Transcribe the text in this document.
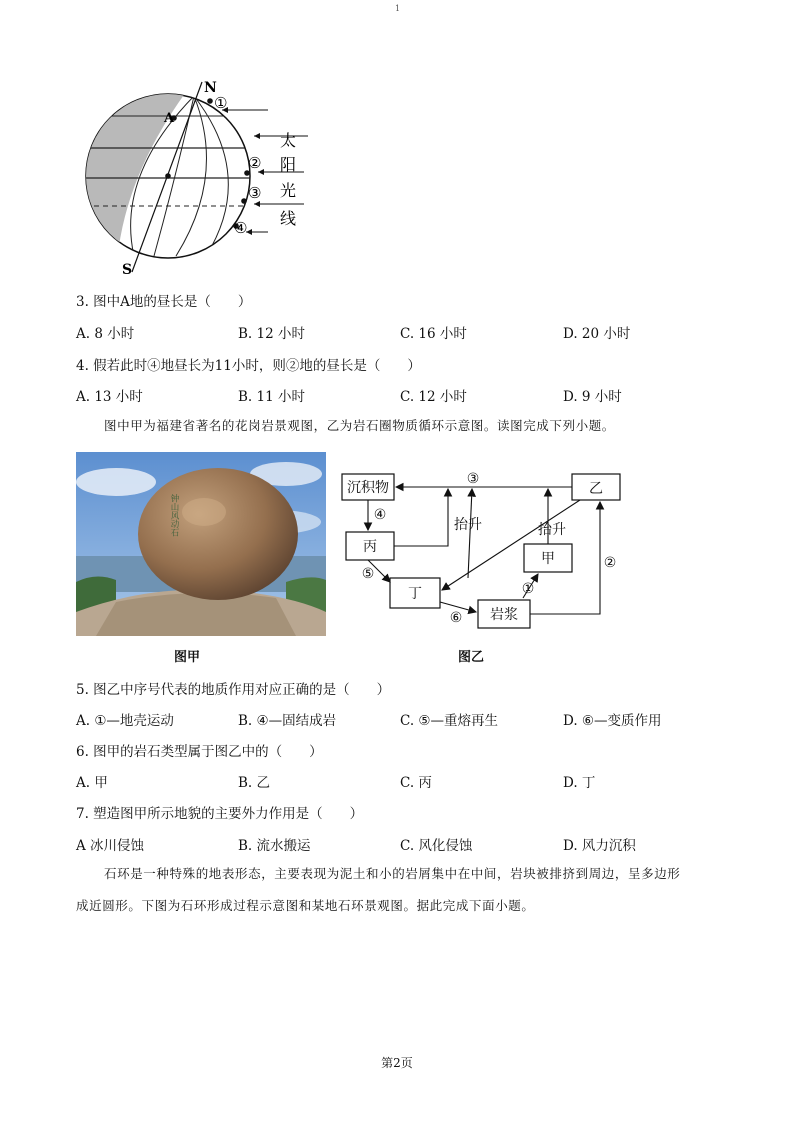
1
N
①
A
②
③
④
S
太
阳
光
线
3. 图中A地的昼长是（　　）
A. 8 小时	B. 12 小时	C. 16 小时	D. 20 小时
4. 假若此时④地昼长为11小时，则②地的昼长是（　　）
A. 13 小时	B. 11 小时	C. 12 小时	D. 9 小时
图中甲为福建省著名的花岗岩景观图，乙为岩石圈物质循环示意图。读图完成下列小题。
钟山风动石
图甲
沉积物	乙
丙
甲
丁
岩浆
③
④
抬升	抬升
②
⑤
①
⑥
图乙
5. 图乙中序号代表的地质作用对应正确的是（　　）
A. ①—地壳运动	B. ④—固结成岩	C. ⑤—重熔再生	D. ⑥—变质作用
6. 图甲的岩石类型属于图乙中的（　　）
A. 甲	B. 乙	C. 丙	D. 丁
7. 塑造图甲所示地貌的主要外力作用是（　　）
A 冰川侵蚀	B. 流水搬运	C. 风化侵蚀	D. 风力沉积
石环是一种特殊的地表形态，主要表现为泥土和小的岩屑集中在中间，岩块被排挤到周边，呈多边形
成近圆形。下图为石环形成过程示意图和某地石环景观图。据此完成下面小题。
第2页
